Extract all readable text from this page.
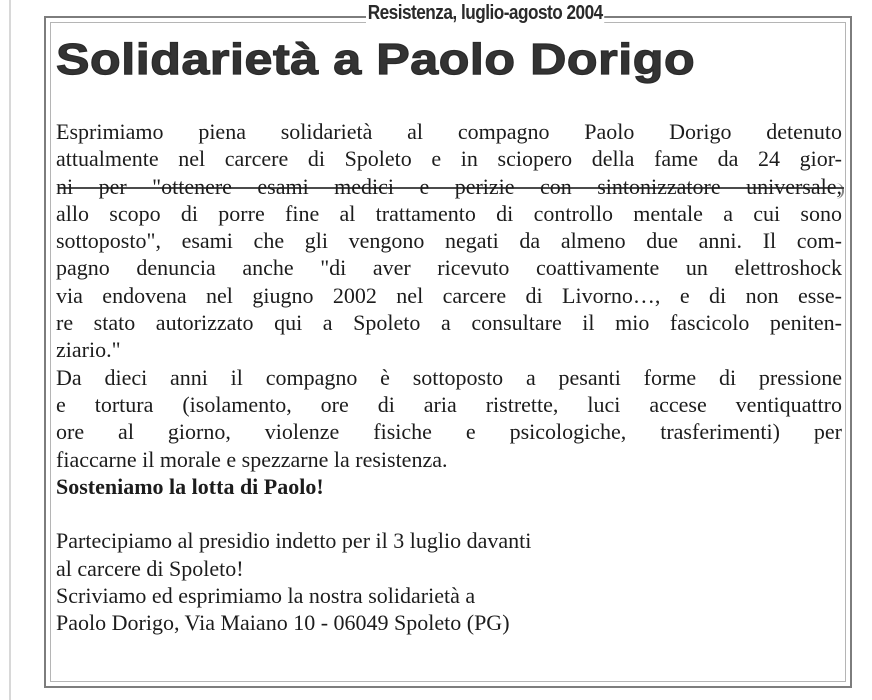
Resistenza, luglio-agosto 2004
Solidarietà a Paolo Dorigo
Esprimiamo piena solidarietà al compagno Paolo Dorigo detenuto
attualmente nel carcere di Spoleto e in sciopero della fame da 24 gior-
ni per "ottenere esami medici e perizie con sintonizzatore universale,
allo scopo di porre fine al trattamento di controllo mentale a cui sono
sottoposto", esami che gli vengono negati da almeno due anni. Il com-
pagno denuncia anche "di aver ricevuto coattivamente un elettroshock
via endovena nel giugno 2002 nel carcere di Livorno…, e di non esse-
re stato autorizzato qui a Spoleto a consultare il mio fascicolo peniten-
ziario."
Da dieci anni il compagno è sottoposto a pesanti forme di pressione
e tortura (isolamento, ore di aria ristrette, luci accese ventiquattro
ore al giorno, violenze fisiche e psicologiche, trasferimenti) per
fiaccarne il morale e spezzarne la resistenza.
Sosteniamo la lotta di Paolo!
Partecipiamo al presidio indetto per il 3 luglio davanti
al carcere di Spoleto!
Scriviamo ed esprimiamo la nostra solidarietà a
Paolo Dorigo, Via Maiano 10 - 06049 Spoleto (PG)
